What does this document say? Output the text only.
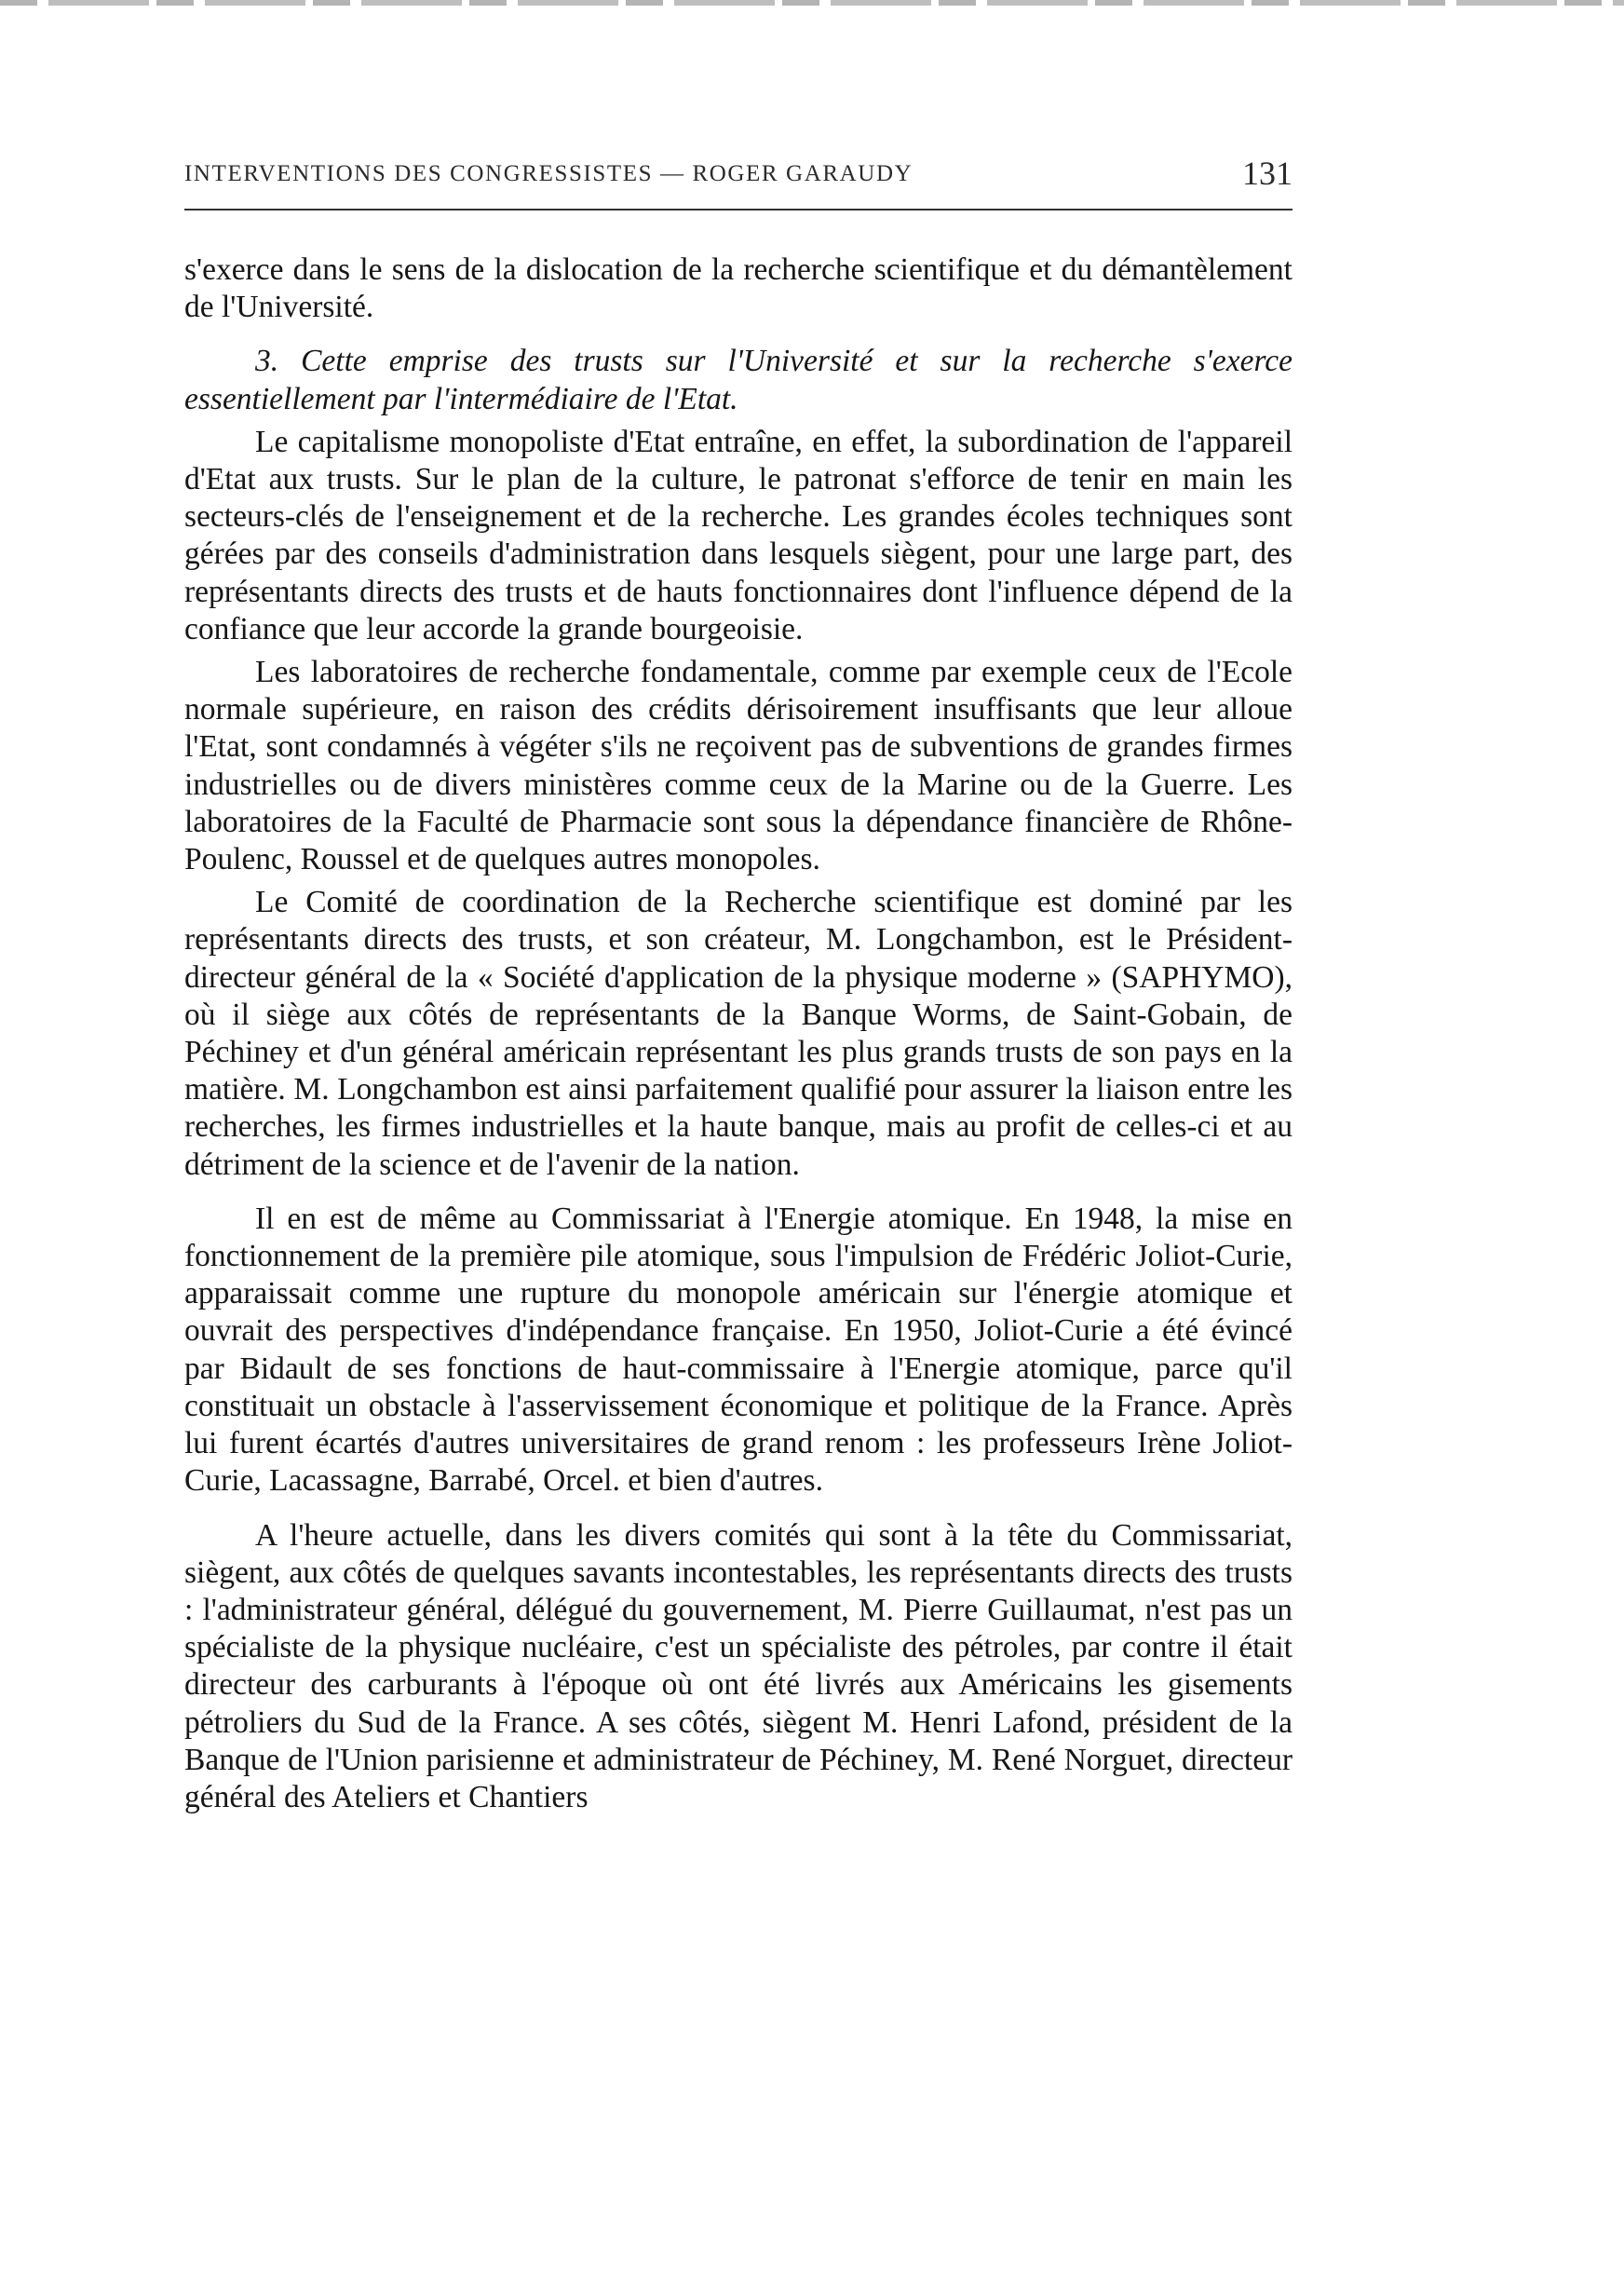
INTERVENTIONS DES CONGRESSISTES — ROGER GARAUDY	131

s'exerce dans le sens de la dislocation de la recherche scientifique et du démantèlement de l'Université.

3. Cette emprise des trusts sur l'Université et sur la recherche s'exerce essentiellement par l'intermédiaire de l'Etat.

Le capitalisme monopoliste d'Etat entraîne, en effet, la subordination de l'appareil d'Etat aux trusts. Sur le plan de la culture, le patronat s'efforce de tenir en main les secteurs-clés de l'enseignement et de la recherche. Les grandes écoles techniques sont gérées par des conseils d'administration dans lesquels siègent, pour une large part, des représentants directs des trusts et de hauts fonctionnaires dont l'influence dépend de la confiance que leur accorde la grande bourgeoisie.

Les laboratoires de recherche fondamentale, comme par exemple ceux de l'Ecole normale supérieure, en raison des crédits dérisoirement insuffisants que leur alloue l'Etat, sont condamnés à végéter s'ils ne reçoivent pas de subventions de grandes firmes industrielles ou de divers ministères comme ceux de la Marine ou de la Guerre. Les laboratoires de la Faculté de Pharmacie sont sous la dépendance financière de Rhône-Poulenc, Roussel et de quelques autres monopoles.

Le Comité de coordination de la Recherche scientifique est dominé par les représentants directs des trusts, et son créateur, M. Longchambon, est le Président-directeur général de la « Société d'application de la physique moderne » (SAPHYMO), où il siège aux côtés de représentants de la Banque Worms, de Saint-Gobain, de Péchiney et d'un général américain représentant les plus grands trusts de son pays en la matière. M. Longchambon est ainsi parfaitement qualifié pour assurer la liaison entre les recherches, les firmes industrielles et la haute banque, mais au profit de celles-ci et au détriment de la science et de l'avenir de la nation.

Il en est de même au Commissariat à l'Energie atomique. En 1948, la mise en fonctionnement de la première pile atomique, sous l'impulsion de Frédéric Joliot-Curie, apparaissait comme une rupture du monopole américain sur l'énergie atomique et ouvrait des perspectives d'indépendance française. En 1950, Joliot-Curie a été évincé par Bidault de ses fonctions de haut-commissaire à l'Energie atomique, parce qu'il constituait un obstacle à l'asservissement économique et politique de la France. Après lui furent écartés d'autres universitaires de grand renom : les professeurs Irène Joliot-Curie, Lacassagne, Barrabé, Orcel. et bien d'autres.

A l'heure actuelle, dans les divers comités qui sont à la tête du Commissariat, siègent, aux côtés de quelques savants incontestables, les représentants directs des trusts : l'administrateur général, délégué du gouvernement, M. Pierre Guillaumat, n'est pas un spécialiste de la physique nucléaire, c'est un spécialiste des pétroles, par contre il était directeur des carburants à l'époque où ont été livrés aux Américains les gisements pétroliers du Sud de la France. A ses côtés, siègent M. Henri Lafond, président de la Banque de l'Union parisienne et administrateur de Péchiney, M. René Norguet, directeur général des Ateliers et Chantiers
